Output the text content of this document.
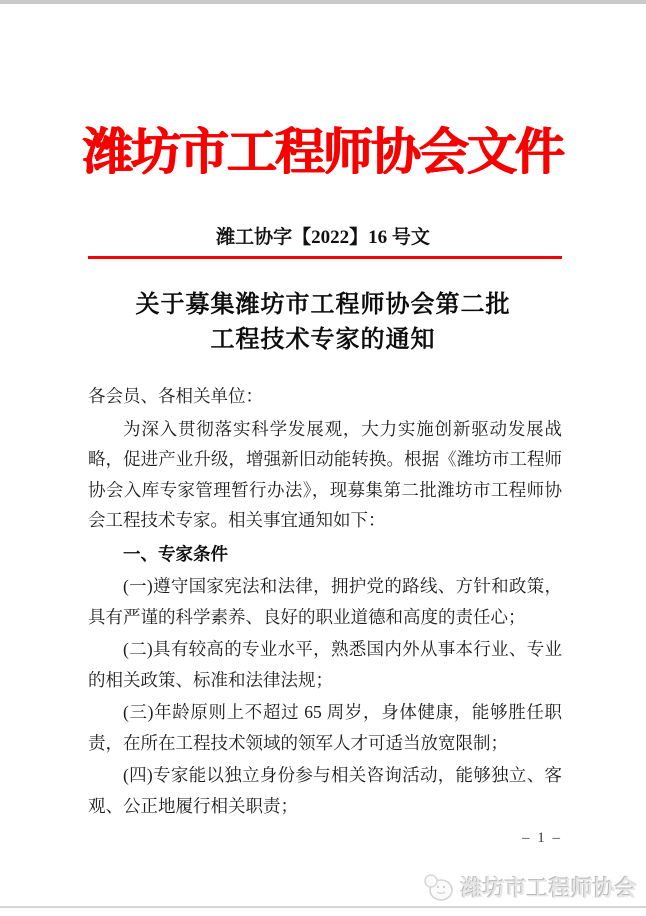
潍坊市工程师协会文件
潍工协字【2022】16 号文
关于募集潍坊市工程师协会第二批
工程技术专家的通知

各会员、各相关单位：

为深入贯彻落实科学发展观，大力实施创新驱动发展战略，促进产业升级，增强新旧动能转换。根据《潍坊市工程师协会入库专家管理暂行办法》，现募集第二批潍坊市工程师协会工程技术专家。相关事宜通知如下：

一、专家条件

(一)遵守国家宪法和法律，拥护党的路线、方针和政策，具有严谨的科学素养、良好的职业道德和高度的责任心；

(二)具有较高的专业水平，熟悉国内外从事本行业、专业的相关政策、标准和法律法规；

(三)年龄原则上不超过 65 周岁，身体健康，能够胜任职责，在所在工程技术领域的领军人才可适当放宽限制；

(四)专家能以独立身份参与相关咨询活动，能够独立、客观、公正地履行相关职责；

– 1 –
潍坊市工程师协会
